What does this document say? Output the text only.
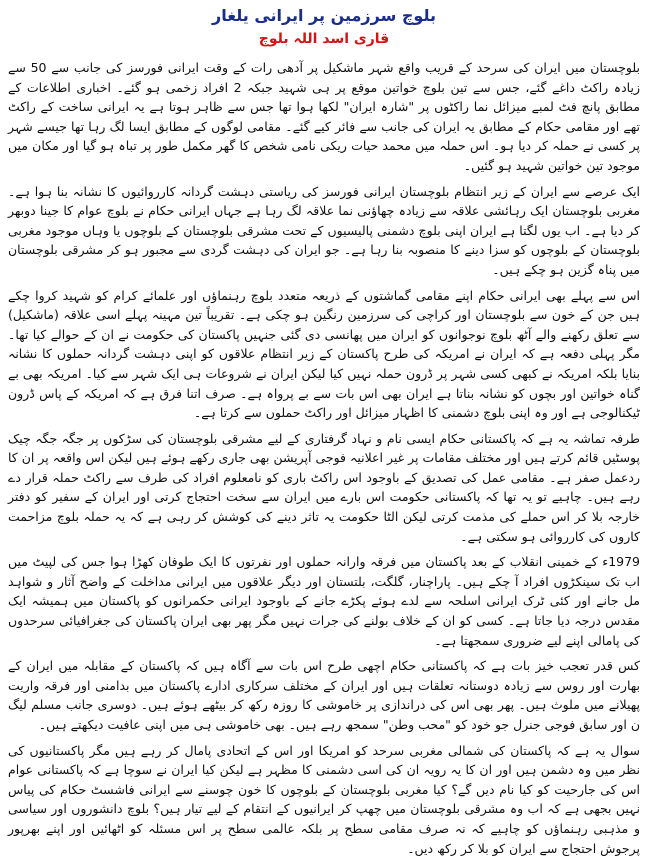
بلوچ سرزمین پر ایرانی یلغار
قاری اسد اللہ بلوچ

بلوچستان میں ایران کی سرحد کے قریب واقع شہر ماشکیل پر آدھی رات کے وقت ایرانی فورسز کی جانب سے 50 سے زیادہ راکٹ داغے گئے، جس سے تین بلوچ خواتین موقع پر ہی شہید جبکہ 2 افراد زخمی ہو گئے۔ اخباری اطلاعات کے مطابق پانچ فٹ لمبے میزائل نما راکٹوں پر "شارہ ایران" لکھا ہوا تھا جس سے ظاہر ہوتا ہے یہ ایرانی ساخت کے راکٹ تھے اور مقامی حکام کے مطابق یہ ایران کی جانب سے فائر کیے گئے۔ مقامی لوگوں کے مطابق ایسا لگ رہا تھا جیسے شہر پر کسی نے حملہ کر دیا ہو۔ اس حملہ میں محمد حیات ریکی نامی شخص کا گھر مکمل طور پر تباہ ہو گیا اور مکان میں موجود تین خواتین شہید ہو گئیں۔

ایک عرصے سے ایران کے زیر انتظام بلوچستان ایرانی فورسز کی ریاستی دہشت گردانہ کارروائیوں کا نشانہ بنا ہوا ہے۔ مغربی بلوچستان ایک رہائشی علاقہ سے زیادہ چھاؤنی نما علاقہ لگ رہا ہے جہاں ایرانی حکام نے بلوچ عوام کا جینا دوبھر کر دیا ہے۔ اب یوں لگتا ہے ایران اپنی بلوچ دشمنی پالیسیوں کے تحت مشرقی بلوچستان کے بلوچوں یا وہاں موجود مغربی بلوچستان کے بلوچوں کو سزا دینے کا منصوبہ بنا رہا ہے۔ جو ایران کی دہشت گردی سے مجبور ہو کر مشرقی بلوچستان میں پناہ گزین ہو چکے ہیں۔

اس سے پہلے بھی ایرانی حکام اپنے مقامی گماشتوں کے ذریعہ متعدد بلوچ رہنماؤں اور علمائے کرام کو شہید کروا چکے ہیں جن کے خون سے بلوچستان اور کراچی کی سرزمین رنگین ہو چکی ہے۔ تقریباً تین مہینہ پہلے اسی علاقہ (ماشکیل) سے تعلق رکھنے والے آٹھ بلوچ نوجوانوں کو ایران میں پھانسی دی گئی جنہیں پاکستان کی حکومت نے ان کے حوالے کیا تھا۔ مگر پہلی دفعہ ہے کہ ایران نے امریکہ کی طرح پاکستان کے زیر انتظام علاقوں کو اپنی دہشت گردانہ حملوں کا نشانہ بنایا بلکہ امریکہ نے کبھی کسی شہر پر ڈرون حملہ نہیں کیا لیکن ایران نے شروعات ہی ایک شہر سے کیا۔ امریکہ بھی بے گناہ خواتین اور بچوں کو نشانہ بناتا ہے ایران بھی اس بات سے بے پرواہ ہے۔ صرف اتنا فرق ہے کہ امریکہ کے پاس ڈرون ٹیکنالوجی ہے اور وہ اپنی بلوچ دشمنی کا اظہار میزائل اور راکٹ حملوں سے کرتا ہے۔

طرفہ تماشہ یہ ہے کہ پاکستانی حکام ایسی نام و نہاد گرفتاری کے لیے مشرقی بلوچستان کی سڑکوں پر جگہ جگہ چیک پوسٹیں قائم کرتے ہیں اور مختلف مقامات پر غیر اعلانیہ فوجی آپریشن بھی جاری رکھے ہوئے ہیں لیکن اس واقعہ پر ان کا ردعمل صفر ہے۔ مقامی عمل کی تصدیق کے باوجود اس راکٹ باری کو نامعلوم افراد کی طرف سے راکٹ حملہ قرار دے رہے ہیں۔ چاہیے تو یہ تھا کہ پاکستانی حکومت اس بارے میں ایران سے سخت احتجاج کرتی اور ایران کے سفیر کو دفتر خارجہ بلا کر اس حملے کی مذمت کرتی لیکن الٹا حکومت یہ تاثر دینے کی کوشش کر رہی ہے کہ یہ حملہ بلوچ مزاحمت کاروں کی کارروائی ہو سکتی ہے۔

1979ء کے خمینی انقلاب کے بعد پاکستان میں فرقہ وارانہ حملوں اور نفرتوں کا ایک طوفان کھڑا ہوا جس کی لپیٹ میں اب تک سینکڑوں افراد آ چکے ہیں۔ پاراچنار، گلگت، بلتستان اور دیگر علاقوں میں ایرانی مداخلت کے واضح آثار و شواہد مل جانے اور کئی ٹرک ایرانی اسلحہ سے لدے ہوئے پکڑے جانے کے باوجود ایرانی حکمرانوں کو پاکستان میں ہمیشہ ایک مقدس درجہ دیا جاتا ہے۔ کسی کو ان کے خلاف بولنے کی جرات نہیں مگر پھر بھی ایران پاکستان کی جغرافیائی سرحدوں کی پامالی اپنے لیے ضروری سمجھتا ہے۔

کس قدر تعجب خیز بات ہے کہ پاکستانی حکام اچھی طرح اس بات سے آگاہ ہیں کہ پاکستان کے مقابلہ میں ایران کے بھارت اور روس سے زیادہ دوستانہ تعلقات ہیں اور ایران کے مختلف سرکاری ادارے پاکستان میں بدامنی اور فرقہ واریت پھیلانے میں ملوث ہیں۔ پھر بھی اس کی دراندازی پر خاموشی کا روزہ رکھ کر بیٹھے ہوئے ہیں۔ دوسری جانب مسلم لیگ ن اور سابق فوجی جنرل جو خود کو "محب وطن" سمجھ رہے ہیں۔ بھی خاموشی ہی میں اپنی عافیت دیکھتے ہیں۔

سوال یہ ہے کہ پاکستان کی شمالی مغربی سرحد کو امریکا اور اس کے اتحادی پامال کر رہے ہیں مگر پاکستانیوں کی نظر میں وہ دشمن ہیں اور ان کا یہ رویہ ان کی اسی دشمنی کا مظہر ہے لیکن کیا ایران نے سوچا ہے کہ پاکستانی عوام اس کی جارحیت کو کیا نام دیں گے؟ کیا مغربی بلوچستان کے بلوچوں کا خون چوسنے سے ایرانی فاشسٹ حکام کی پیاس نہیں بجھی ہے کہ اب وہ مشرقی بلوچستان میں چھپ کر ایرانیوں کے انتقام کے لیے تیار ہیں؟ بلوچ دانشوروں اور سیاسی و مذہبی رہنماؤں کو چاہیے کہ نہ صرف مقامی سطح پر بلکہ عالمی سطح پر اس مسئلہ کو اٹھائیں اور اپنے بھرپور پرجوش احتجاج سے ایران کو بلا کر رکھ دیں۔
